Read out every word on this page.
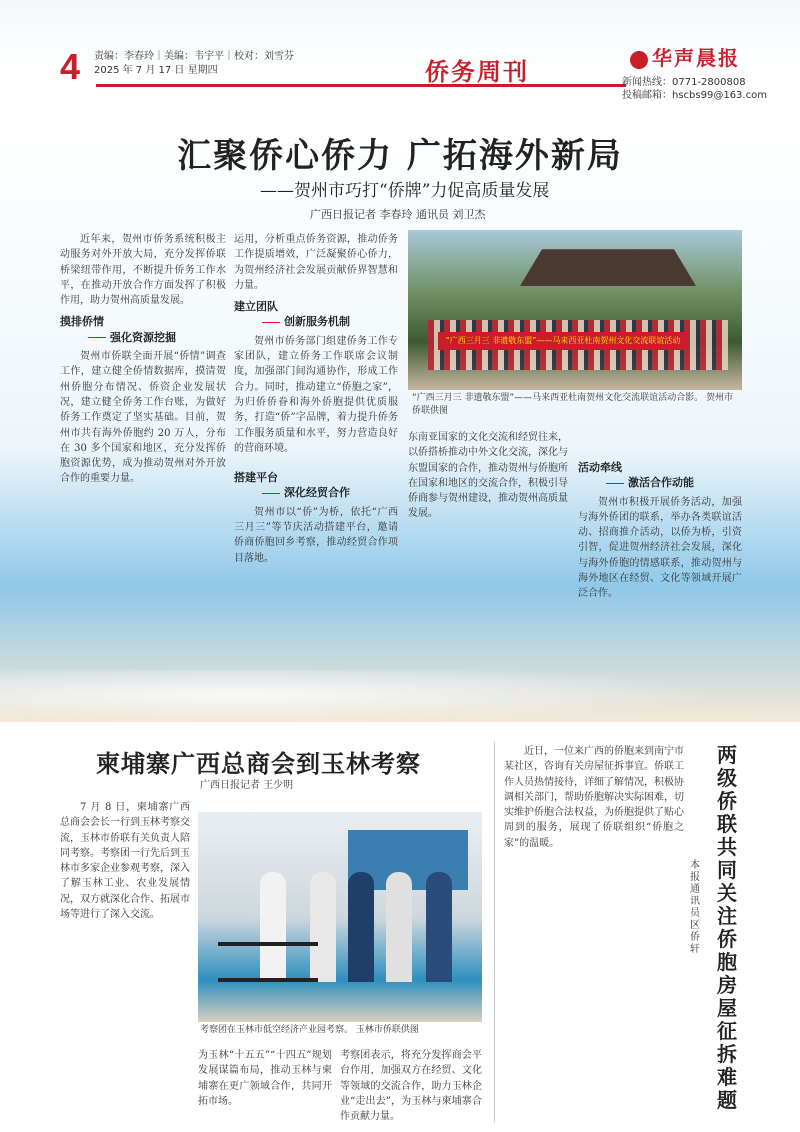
4 责编：李春玲｜美编：韦宇平｜校对：刘雪芬
2025 年 7 月 17 日 星期四	侨务周刊	华声晨报
新闻热线：0771-2800808
投稿邮箱：hscbs99@163.com
汇聚侨心侨力 广拓海外新局
——贺州市巧打“侨牌”力促高质量发展
广西日报记者 李春玲 通讯员 刘卫杰

近年来，贺州市侨务系统积极主动服务对外开放大局，充分发挥侨联桥梁纽带作用，不断提升侨务工作水平，在推动开放合作方面发挥了积极作用，助力贺州高质量发展。

摸排侨情
强化资源挖掘

贺州市侨联全面开展“侨情”调查工作，建立健全侨情数据库，摸清贺州侨胞分布情况、侨资企业发展状况，建立健全侨务工作台账，为做好侨务工作奠定了坚实基础。目前，贺州市共有海外侨胞约 20 万人，分布在 30 多个国家和地区，充分发挥侨胞资源优势，成为推动贺州对外开放合作的重要力量。

运用，分析重点侨务资源，推动侨务工作提质增效，广泛凝聚侨心侨力，为贺州经济社会发展贡献侨界智慧和力量。

建立团队
创新服务机制

贺州市侨务部门组建侨务工作专家团队，建立侨务工作联席会议制度，加强部门间沟通协作，形成工作合力。同时，推动建立“侨胞之家”，为归侨侨眷和海外侨胞提供优质服务，打造“侨”字品牌，着力提升侨务工作服务质量和水平，努力营造良好的营商环境。

搭建平台
深化经贸合作

贺州市以“侨”为桥，依托“广西三月三”等节庆活动搭建平台，邀请侨商侨胞回乡考察，推动经贸合作项目落地。

“广西三月三 非遗敬东盟”——马来西亚杜南贺州文化交流联谊活动
“广西三月三 非遗敬东盟”——马来西亚杜南贺州文化交流联谊活动合影。 贺州市侨联供图

东南亚国家的文化交流和经贸往来，以侨搭桥推动中外文化交流，深化与东盟国家的合作，推动贺州与侨胞所在国家和地区的交流合作，积极引导侨商参与贺州建设，推动贺州高质量发展。

活动牵线
激活合作动能

贺州市积极开展侨务活动，加强与海外侨团的联系，举办各类联谊活动、招商推介活动，以侨为桥，引资引智，促进贺州经济社会发展，深化与海外侨胞的情感联系，推动贺州与海外地区在经贸、文化等领域开展广泛合作。

柬埔寨广西总商会到玉林考察
广西日报记者 王少明

7 月 8 日，柬埔寨广西总商会会长一行到玉林考察交流，玉林市侨联有关负责人陪同考察。考察团一行先后到玉林市多家企业参观考察，深入了解玉林工业、农业发展情况，双方就深化合作、拓展市场等进行了深入交流。

考察团在玉林市低空经济产业园考察。 玉林市侨联供图

为玉林“十五五”“十四五”规划发展谋篇布局，推动玉林与柬埔寨在更广领域合作，共同开拓市场。

考察团表示，将充分发挥商会平台作用，加强双方在经贸、文化等领域的交流合作，助力玉林企业“走出去”，为玉林与柬埔寨合作贡献力量。

近日，一位来广西的侨胞来到南宁市某社区，咨询有关房屋征拆事宜。侨联工作人员热情接待，详细了解情况，积极协调相关部门，帮助侨胞解决实际困难，切实维护侨胞合法权益，为侨胞提供了贴心周到的服务，展现了侨联组织“侨胞之家”的温暖。

两级侨联共同关注侨胞房屋征拆难题
本报通讯员 区侨轩
